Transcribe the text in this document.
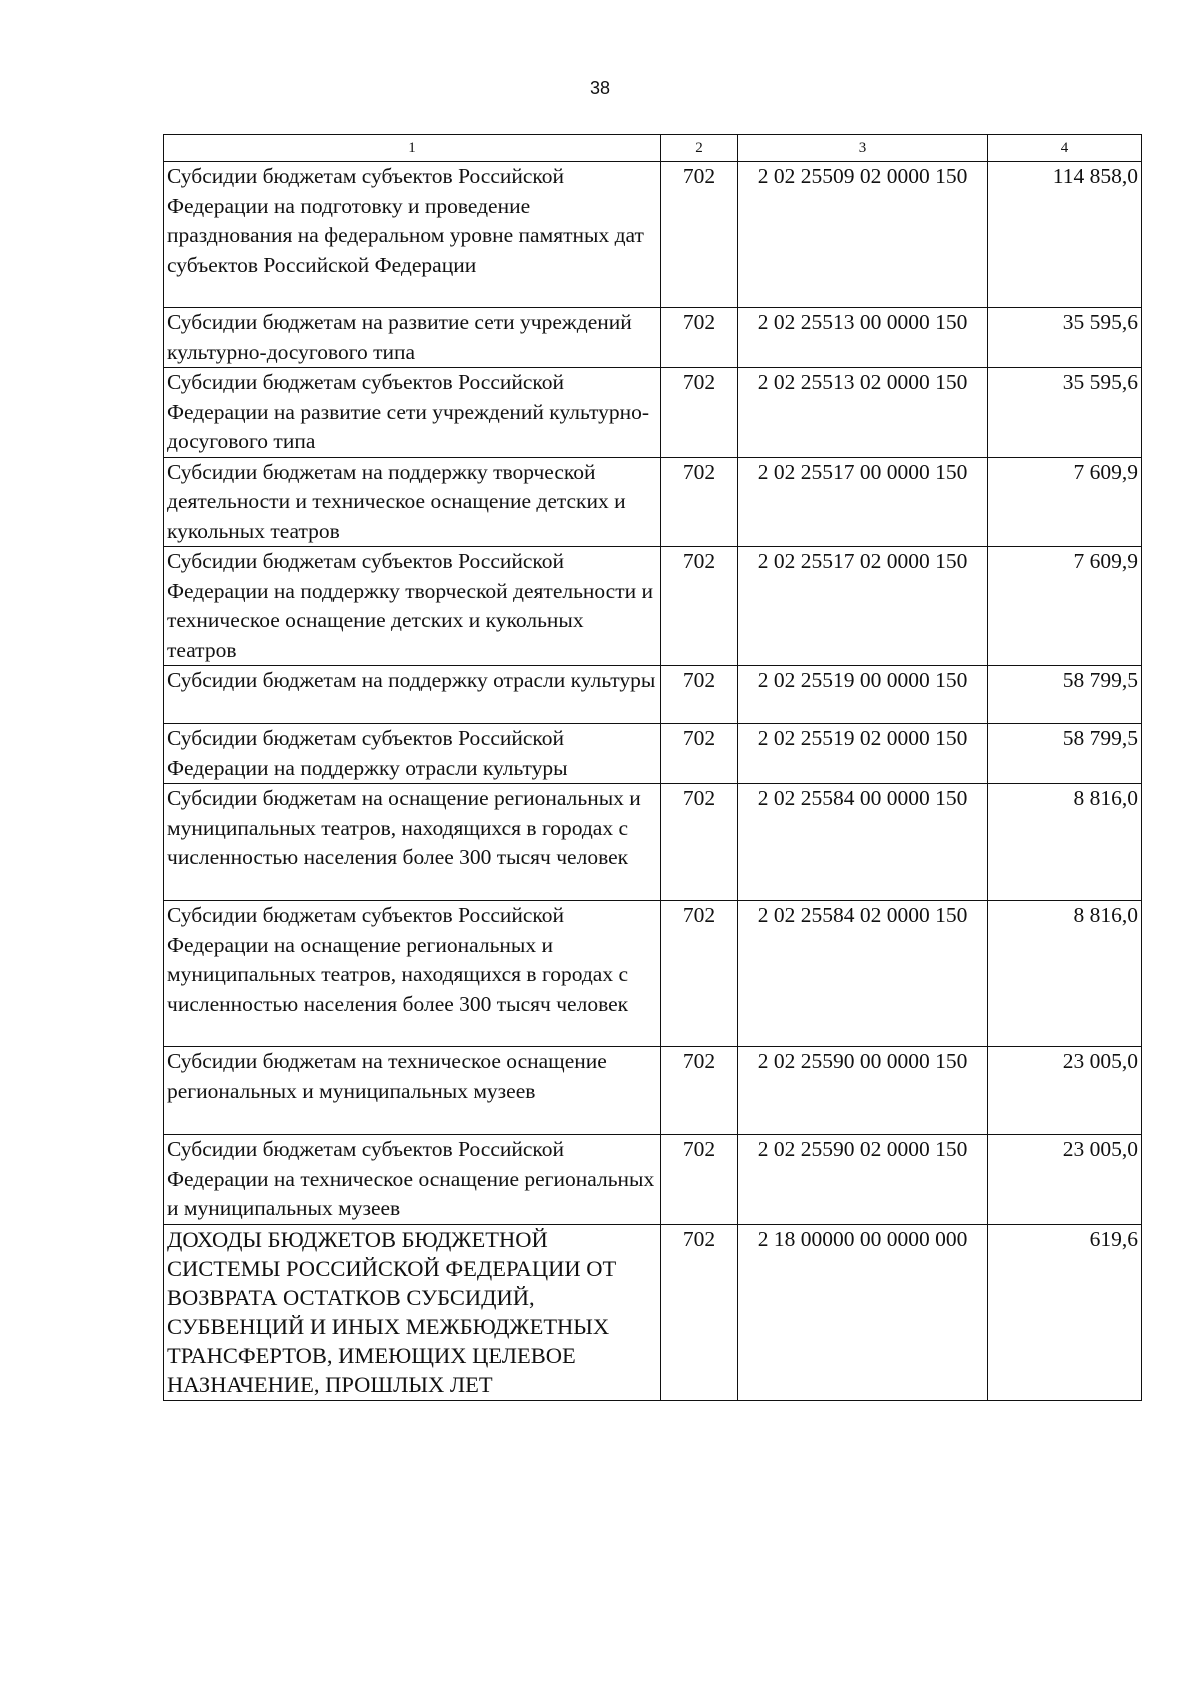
38
1	2	3	4
Субсидии бюджетам субъектов Российской Федерации на подготовку и проведение празднования на федеральном уровне памятных дат субъектов Российской Федерации	702	2 02 25509 02 0000 150	114 858,0
Субсидии бюджетам на развитие сети учреждений культурно-досугового типа	702	2 02 25513 00 0000 150	35 595,6
Субсидии бюджетам субъектов Российской Федерации на развитие сети учреждений культурно-досугового типа	702	2 02 25513 02 0000 150	35 595,6
Субсидии бюджетам на поддержку творческой деятельности и техническое оснащение детских и кукольных театров	702	2 02 25517 00 0000 150	7 609,9
Субсидии бюджетам субъектов Российской Федерации на поддержку творческой деятельности и техническое оснащение детских и кукольных театров	702	2 02 25517 02 0000 150	7 609,9
Субсидии бюджетам на поддержку отрасли культуры	702	2 02 25519 00 0000 150	58 799,5
Субсидии бюджетам субъектов Российской Федерации на поддержку отрасли культуры	702	2 02 25519 02 0000 150	58 799,5
Субсидии бюджетам на оснащение региональных и муниципальных театров, находящихся в городах с численностью населения более 300 тысяч человек	702	2 02 25584 00 0000 150	8 816,0
Субсидии бюджетам субъектов Российской Федерации на оснащение региональных и муниципальных театров, находящихся в городах с численностью населения более 300 тысяч человек	702	2 02 25584 02 0000 150	8 816,0
Субсидии бюджетам на техническое оснащение региональных и муниципальных музеев	702	2 02 25590 00 0000 150	23 005,0
Субсидии бюджетам субъектов Российской Федерации на техническое оснащение региональных и муниципальных музеев	702	2 02 25590 02 0000 150	23 005,0
ДОХОДЫ БЮДЖЕТОВ БЮДЖЕТНОЙ СИСТЕМЫ РОССИЙСКОЙ ФЕДЕРАЦИИ ОТ ВОЗВРАТА ОСТАТКОВ СУБСИДИЙ, СУБВЕНЦИЙ И ИНЫХ МЕЖБЮДЖЕТНЫХ ТРАНСФЕРТОВ, ИМЕЮЩИХ ЦЕЛЕВОЕ НАЗНАЧЕНИЕ, ПРОШЛЫХ ЛЕТ	702	2 18 00000 00 0000 000	619,6
